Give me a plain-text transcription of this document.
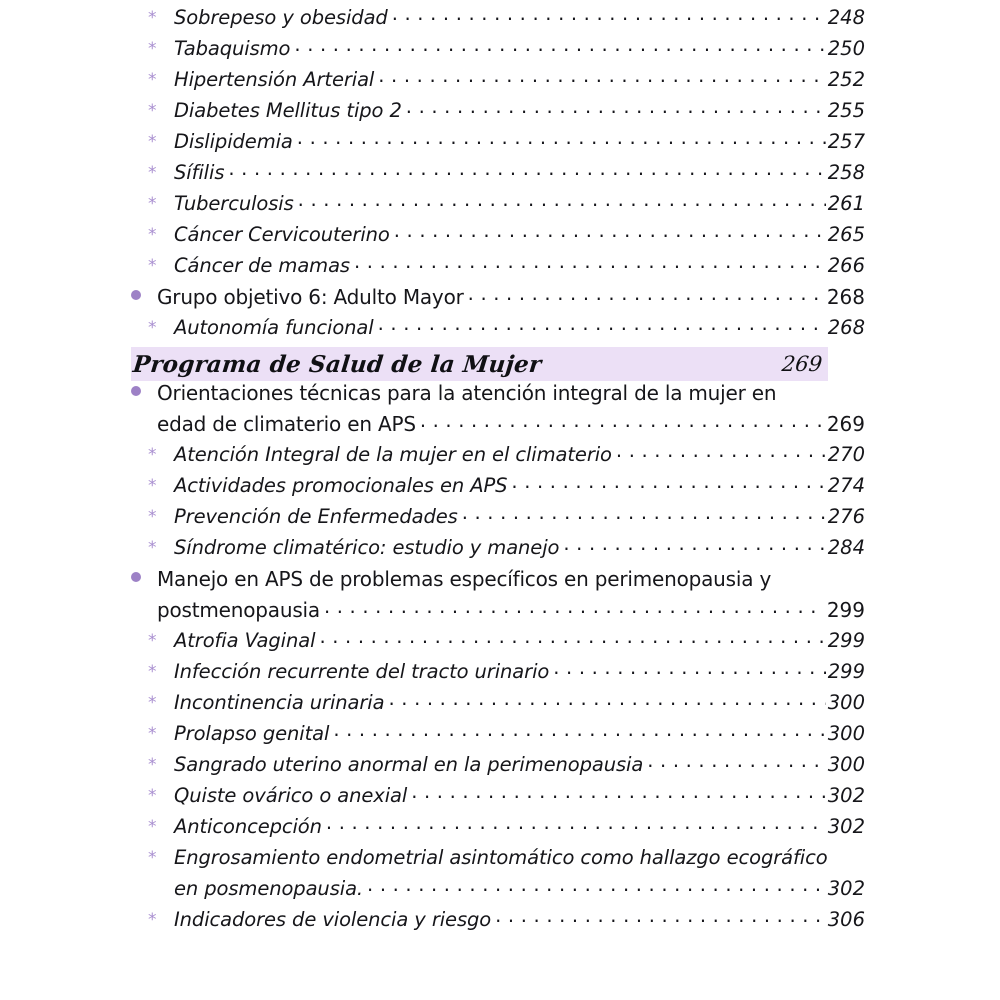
* Sobrepeso y obesidad . . .	248
* Tabaquismo . . .	250
* Hipertensión Arterial . . .	252
* Diabetes Mellitus tipo 2 . . .	255
* Dislipidemia . . .	257
* Sífilis . . .	258
* Tuberculosis . . .	261
* Cáncer Cervicouterino . . .	265
* Cáncer de mamas . . .	266
Grupo objetivo 6: Adulto Mayor . . .	268
* Autonomía funcional . . .	268
Programa de Salud de la Mujer	269
Orientaciones técnicas para la atención integral de la mujer en
edad de climaterio en APS . . .	269
* Atención Integral de la mujer en el climaterio . . .	270
* Actividades promocionales en APS . . .	274
* Prevención de Enfermedades . . .	276
* Síndrome climatérico: estudio y manejo . . .	284
Manejo en APS de problemas específicos en perimenopausia y
postmenopausia . . .	299
* Atrofia Vaginal . . .	299
* Infección recurrente del tracto urinario . . .	299
* Incontinencia urinaria . . .	300
* Prolapso genital . . .	300
* Sangrado uterino anormal en la perimenopausia . . .	300
* Quiste ovárico o anexial . . .	302
* Anticoncepción . . .	302
* Engrosamiento endometrial asintomático como hallazgo ecográfico
en posmenopausia. . . .	302
* Indicadores de violencia y riesgo . . .	306
